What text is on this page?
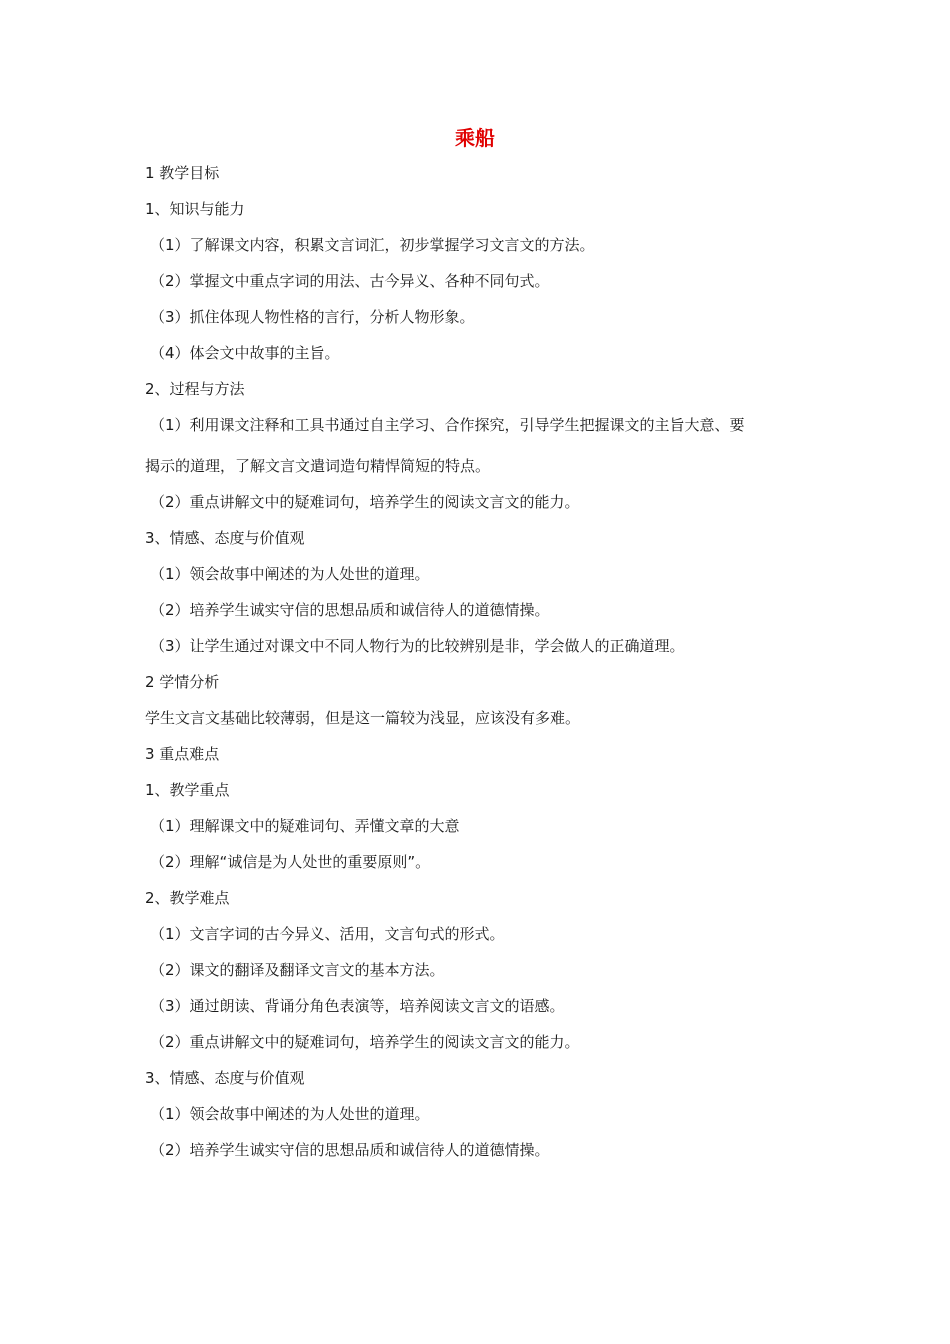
乘船
1 教学目标
1、知识与能力
（1）了解课文内容，积累文言词汇，初步掌握学习文言文的方法。
（2）掌握文中重点字词的用法、古今异义、各种不同句式。
（3）抓住体现人物性格的言行，分析人物形象。
（4）体会文中故事的主旨。
2、过程与方法
（1）利用课文注释和工具书通过自主学习、合作探究，引导学生把握课文的主旨大意、要
揭示的道理，了解文言文遣词造句精悍简短的特点。
（2）重点讲解文中的疑难词句，培养学生的阅读文言文的能力。
3、情感、态度与价值观
（1）领会故事中阐述的为人处世的道理。
（2）培养学生诚实守信的思想品质和诚信待人的道德情操。
（3）让学生通过对课文中不同人物行为的比较辨别是非，学会做人的正确道理。
2 学情分析
学生文言文基础比较薄弱，但是这一篇较为浅显，应该没有多难。
3 重点难点
1、教学重点
（1）理解课文中的疑难词句、弄懂文章的大意
（2）理解“诚信是为人处世的重要原则”。
2、教学难点
（1）文言字词的古今异义、活用，文言句式的形式。
（2）课文的翻译及翻译文言文的基本方法。
（3）通过朗读、背诵分角色表演等，培养阅读文言文的语感。
（2）重点讲解文中的疑难词句，培养学生的阅读文言文的能力。
3、情感、态度与价值观
（1）领会故事中阐述的为人处世的道理。
（2）培养学生诚实守信的思想品质和诚信待人的道德情操。
